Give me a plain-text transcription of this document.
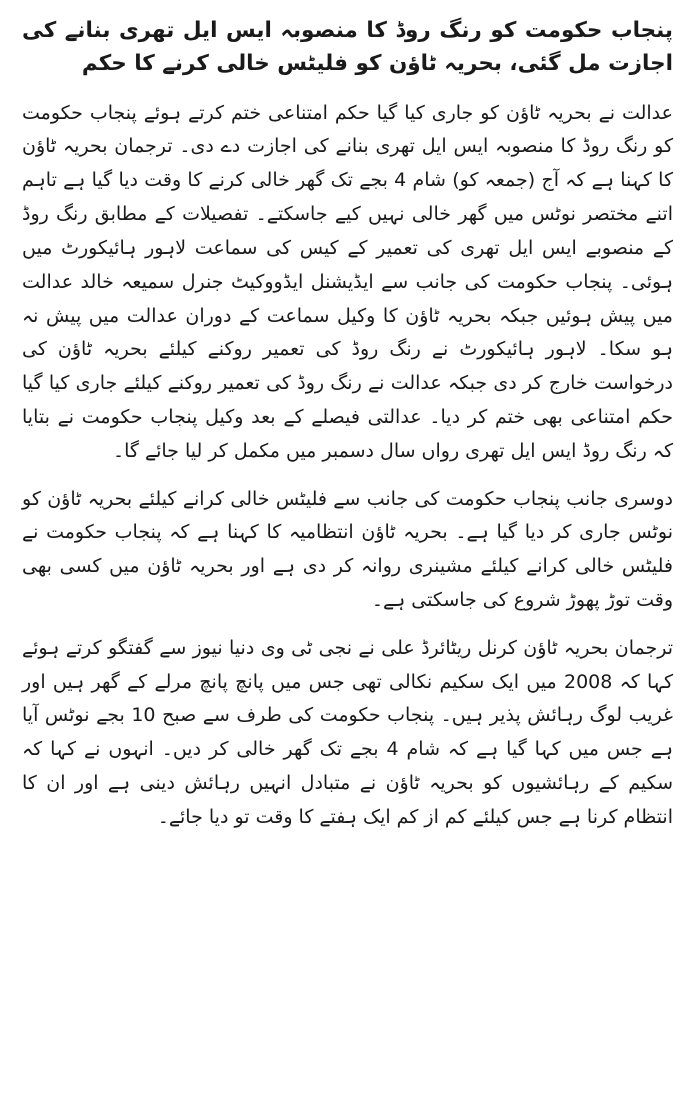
پنجاب حکومت کو رنگ روڈ کا منصوبہ ایس ایل تھری بنانے کی اجازت مل گئی، بحریہ ٹاؤن کو فلیٹس خالی کرنے کا حکم

عدالت نے بحریہ ٹاؤن کو جاری کیا گیا حکم امتناعی ختم کرتے ہوئے پنجاب حکومت کو رنگ روڈ کا منصوبہ ایس ایل تھری بنانے کی اجازت دے دی۔ ترجمان بحریہ ٹاؤن کا کہنا ہے کہ آج (جمعہ کو) شام 4 بجے تک گھر خالی کرنے کا وقت دیا گیا ہے تاہم اتنے مختصر نوٹس میں گھر خالی نہیں کیے جاسکتے۔ تفصیلات کے مطابق رنگ روڈ کے منصوبے ایس ایل تھری کی تعمیر کے کیس کی سماعت لاہور ہائیکورٹ میں ہوئی۔ پنجاب حکومت کی جانب سے ایڈیشنل ایڈووکیٹ جنرل سمیعہ خالد عدالت میں پیش ہوئیں جبکہ بحریہ ٹاؤن کا وکیل سماعت کے دوران عدالت میں پیش نہ ہو سکا۔ لاہور ہائیکورٹ نے رنگ روڈ کی تعمیر روکنے کیلئے بحریہ ٹاؤن کی درخواست خارج کر دی جبکہ عدالت نے رنگ روڈ کی تعمیر روکنے کیلئے جاری کیا گیا حکم امتناعی بھی ختم کر دیا۔ عدالتی فیصلے کے بعد وکیل پنجاب حکومت نے بتایا کہ رنگ روڈ ایس ایل تھری رواں سال دسمبر میں مکمل کر لیا جائے گا۔

دوسری جانب پنجاب حکومت کی جانب سے فلیٹس خالی کرانے کیلئے بحریہ ٹاؤن کو نوٹس جاری کر دیا گیا ہے۔ بحریہ ٹاؤن انتظامیہ کا کہنا ہے کہ پنجاب حکومت نے فلیٹس خالی کرانے کیلئے مشینری روانہ کر دی ہے اور بحریہ ٹاؤن میں کسی بھی وقت توڑ پھوڑ شروع کی جاسکتی ہے۔

ترجمان بحریہ ٹاؤن کرنل ریٹائرڈ علی نے نجی ٹی وی دنیا نیوز سے گفتگو کرتے ہوئے کہا کہ 2008 میں ایک سکیم نکالی تھی جس میں پانچ پانچ مرلے کے گھر ہیں اور غریب لوگ رہائش پذیر ہیں۔ پنجاب حکومت کی طرف سے صبح 10 بجے نوٹس آیا ہے جس میں کہا گیا ہے کہ شام 4 بجے تک گھر خالی کر دیں۔ انہوں نے کہا کہ سکیم کے رہائشیوں کو بحریہ ٹاؤن نے متبادل انہیں رہائش دینی ہے اور ان کا انتظام کرنا ہے جس کیلئے کم از کم ایک ہفتے کا وقت تو دیا جائے۔
